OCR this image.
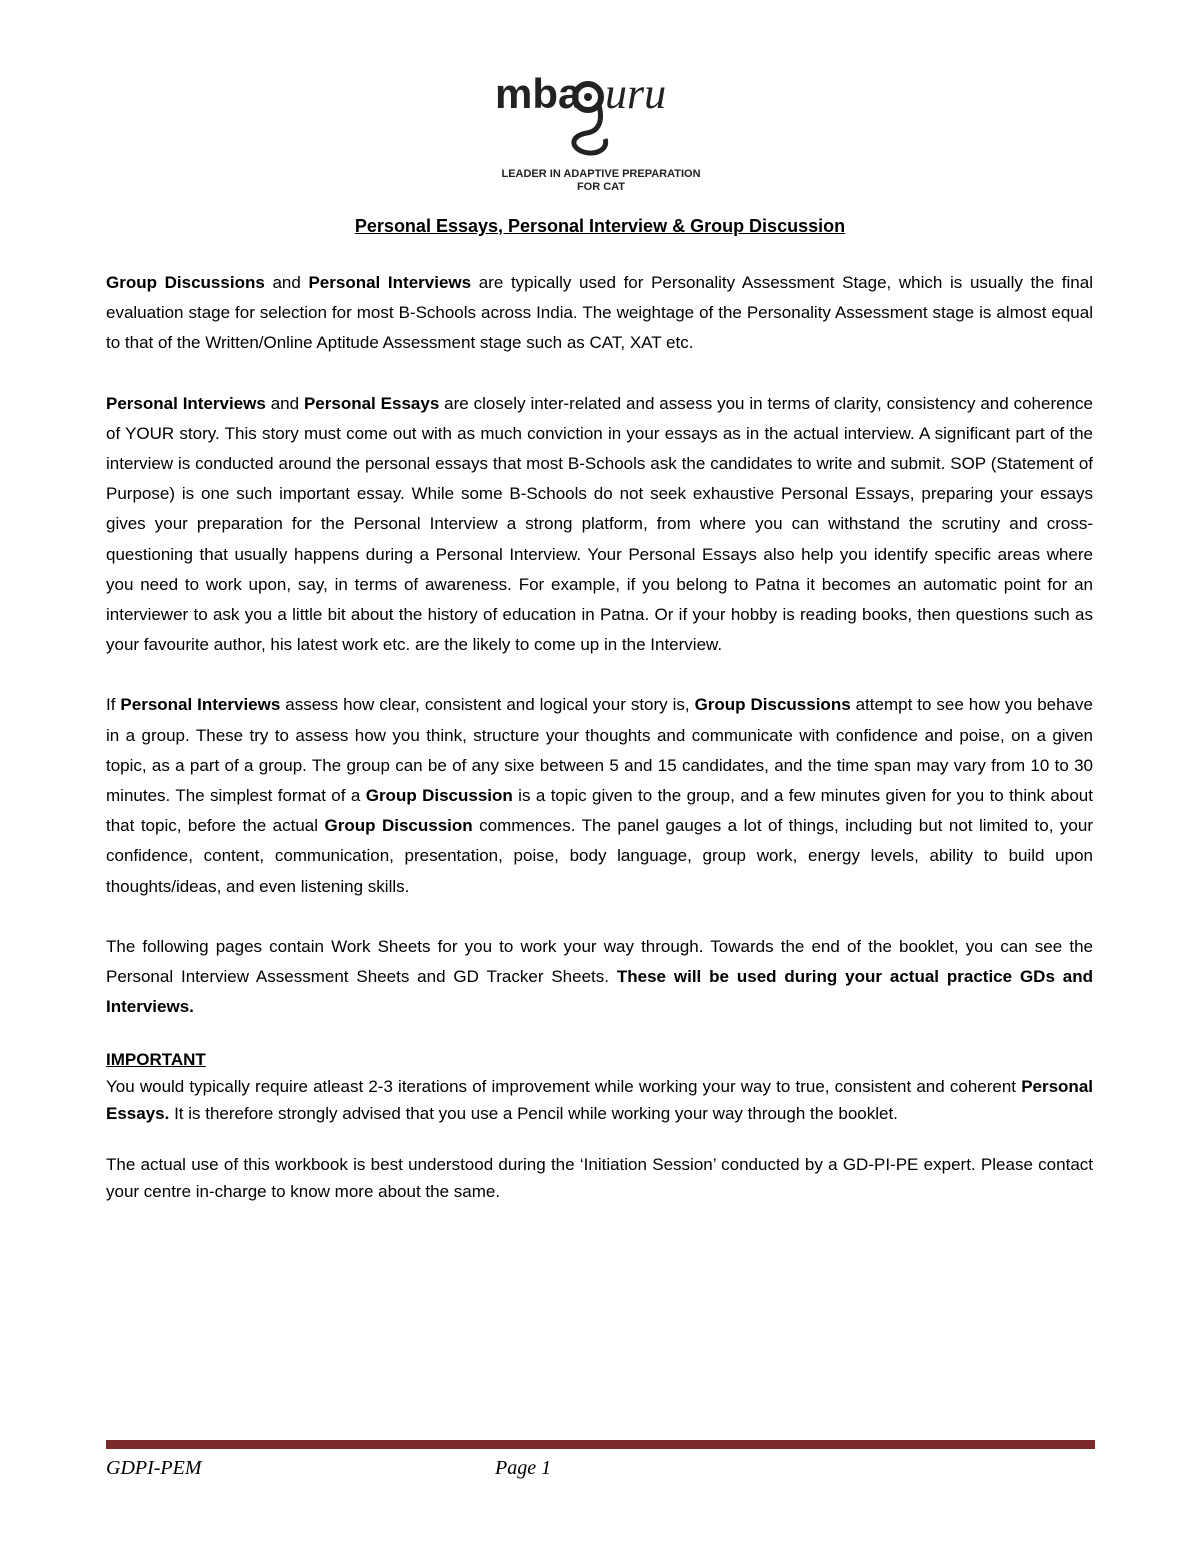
mba uru
LEADER IN ADAPTIVE PREPARATION
FOR CAT
Personal Essays, Personal Interview & Group Discussion

Group Discussions and Personal Interviews are typically used for Personality Assessment Stage, which is usually the final evaluation stage for selection for most B-Schools across India. The weightage of the Personality Assessment stage is almost equal to that of the Written/Online Aptitude Assessment stage such as CAT, XAT etc.

Personal Interviews and Personal Essays are closely inter-related and assess you in terms of clarity, consistency and coherence of YOUR story. This story must come out with as much conviction in your essays as in the actual interview. A significant part of the interview is conducted around the personal essays that most B-Schools ask the candidates to write and submit. SOP (Statement of Purpose) is one such important essay. While some B-Schools do not seek exhaustive Personal Essays, preparing your essays gives your preparation for the Personal Interview a strong platform, from where you can withstand the scrutiny and cross-questioning that usually happens during a Personal Interview. Your Personal Essays also help you identify specific areas where you need to work upon, say, in terms of awareness. For example, if you belong to Patna it becomes an automatic point for an interviewer to ask you a little bit about the history of education in Patna. Or if your hobby is reading books, then questions such as your favourite author, his latest work etc. are the likely to come up in the Interview.

If Personal Interviews assess how clear, consistent and logical your story is, Group Discussions attempt to see how you behave in a group. These try to assess how you think, structure your thoughts and communicate with confidence and poise, on a given topic, as a part of a group. The group can be of any sixe between 5 and 15 candidates, and the time span may vary from 10 to 30 minutes. The simplest format of a Group Discussion is a topic given to the group, and a few minutes given for you to think about that topic, before the actual Group Discussion commences. The panel gauges a lot of things, including but not limited to, your confidence, content, communication, presentation, poise, body language, group work, energy levels, ability to build upon thoughts/ideas, and even listening skills.

The following pages contain Work Sheets for you to work your way through. Towards the end of the booklet, you can see the Personal Interview Assessment Sheets and GD Tracker Sheets. These will be used during your actual practice GDs and Interviews.

IMPORTANT

You would typically require atleast 2-3 iterations of improvement while working your way to true, consistent and coherent Personal Essays. It is therefore strongly advised that you use a Pencil while working your way through the booklet.

The actual use of this workbook is best understood during the ‘Initiation Session’ conducted by a GD-PI-PE expert. Please contact your centre in-charge to know more about the same.

GDPI-PEM	Page 1
